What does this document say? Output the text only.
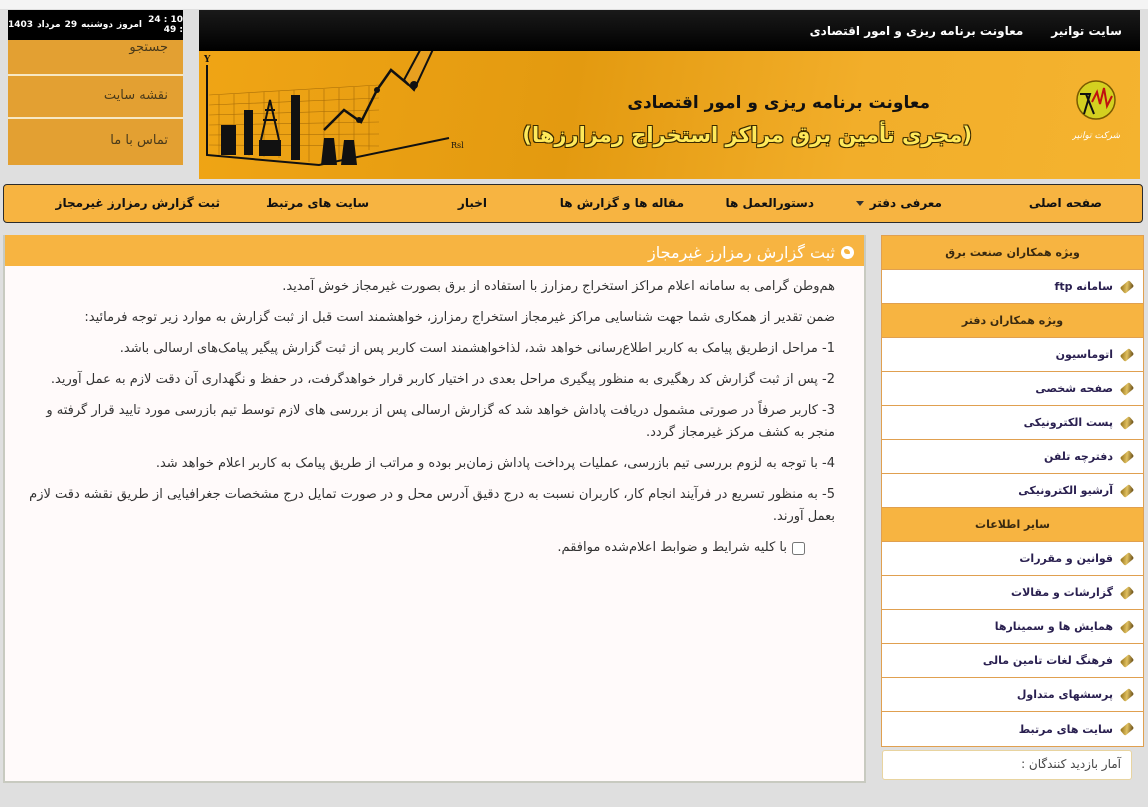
10 : 24 : 49
امروز
دوشنبه
29
مرداد
1403
جستجو
نقشه سایت
تماس با ما
Y
Rsl
سایت توانیر
معاونت برنامه ریزی و امور اقتصادی
معاونت برنامه ریزی و امور اقتصادی
(مجری تأمین برق مراکز استخراج رمزارزها)	شرکت توانیر
صفحه اصلی
معرفی دفتر
دستورالعمل ها
مقاله ها و گزارش ها
اخبار
سایت های مرتبط
ثبت گزارش رمزارز غیرمجاز
ثبت گزارش رمزارز غیرمجاز

هم‌وطن گرامی به سامانه اعلام مراکز استخراج رمزارز با استفاده از برق بصورت غیرمجاز خوش آمدید.

ضمن تقدیر از همکاری شما جهت شناسایی مراکز غیرمجاز استخراج رمزارز، خواهشمند است قبل از ثبت گزارش به موارد زیر توجه فرمائید:

1- مراحل ازطریق پیامک به کاربر اطلاع‌رسانی خواهد شد، لذاخواهشمند است کاربر پس از ثبت گزارش پیگیر پیامک‌های ارسالی باشد.

2- پس از ثبت گزارش کد رهگیری به منظور پیگیری مراحل بعدی در اختیار کاربر قرار خواهدگرفت، در حفظ و نگهداری آن دقت لازم به عمل آورید.

3- کاربر صرفاً در صورتی مشمول دریافت پاداش خواهد شد که گزارش ارسالی پس از بررسی های لازم توسط تیم بازرسی مورد تایید قرار گرفته و منجر به کشف مرکز غیرمجاز گردد.

4- با توجه به لزوم بررسی تیم بازرسی، عملیات پرداخت پاداش زمان‌بر بوده و مراتب از طریق پیامک به کاربر اعلام خواهد شد.

5- به منظور تسریع در فرآیند انجام کار، کاربران نسبت به درج دقیق آدرس محل و در صورت تمایل درج مشخصات جغرافیایی از طریق نقشه دقت لازم بعمل آورند.

با کلیه شرایط و ضوابط اعلام‌شده موافقم.
ویژه همکاران صنعت برق
سامانه ftp
ویژه همکاران دفتر
اتوماسیون
صفحه شخصی
پست الکترونیکی
دفترچه تلفن
آرشیو الکترونیکی
سایر اطلاعات
قوانین و مقررات
گزارشات و مقالات
همایش ها و سمینارها
فرهنگ لغات تامین مالی
پرسشهای متداول
سایت های مرتبط
آمار بازدید کنندگان :
